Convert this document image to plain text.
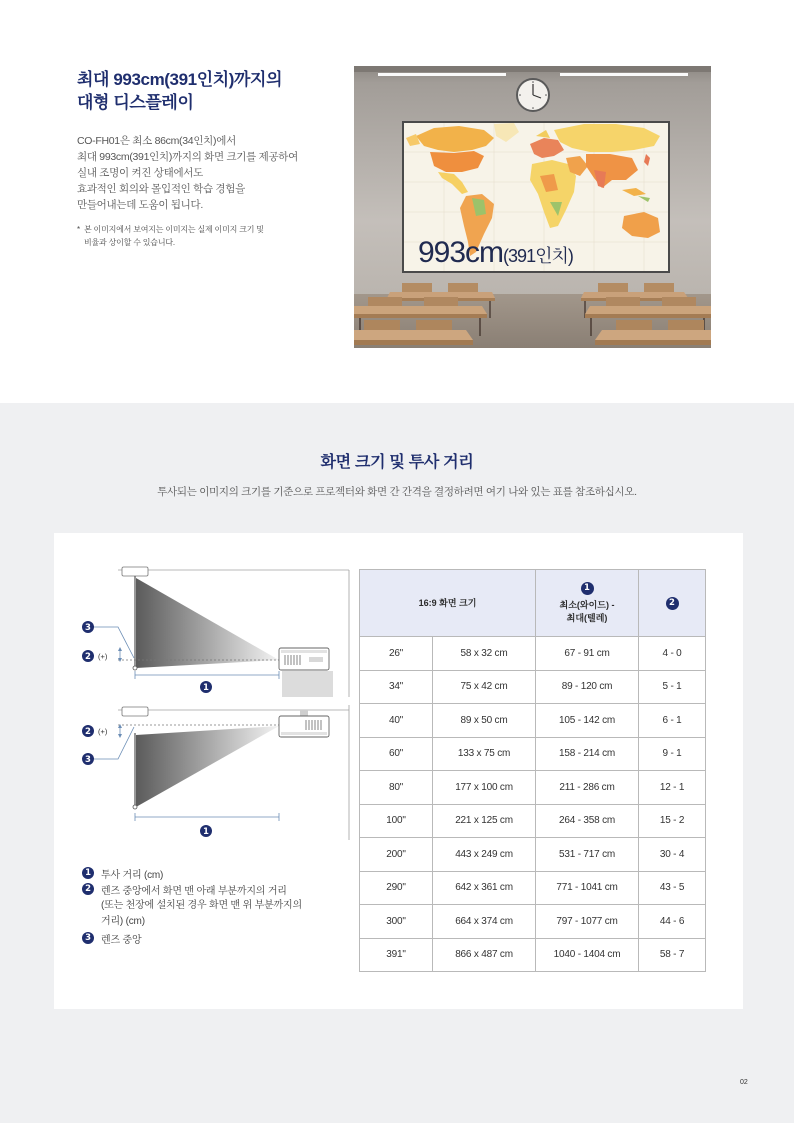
최대 993cm(391인치)까지의
대형 디스플레이
CO-FH01은 최소 86cm(34인치)에서
최대 993cm(391인치)까지의 화면 크기를 제공하여
실내 조명이 켜진 상태에서도
효과적인 회의와 몰입적인 학습 경험을
만들어내는데 도움이 됩니다.
* 본 이미지에서 보여지는 이미지는 실제 이미지 크기 및
비율과 상이할 수 있습니다.	993cm(391인치)
화면 크기 및 투사 거리
투사되는 이미지의 크기를 기준으로 프로젝터와 화면 간 간격을 결정하려면 여기 나와 있는 표를 참조하십시오.
1
3
2 (+)
1
2 (+)
3
1	투사 거리 (cm)
2	렌즈 중앙에서 화면 맨 아래 부분까지의 거리
(또는 천장에 설치된 경우 화면 맨 위 부분까지의
거리) (cm)
3	렌즈 중앙
16:9 화면 크기		1
최소(와이드) -
최대(텔레)	2
26"	58 x 32 cm	67 - 91 cm	4 - 0
34"	75 x 42 cm	89 - 120 cm	5 - 1
40"	89 x 50 cm	105 - 142 cm	6 - 1
60"	133 x 75 cm	158 - 214 cm	9 - 1
80"	177 x 100 cm	211 - 286 cm	12 - 1
100"	221 x 125 cm	264 - 358 cm	15 - 2
200"	443 x 249 cm	531 - 717 cm	30 - 4
290"	642 x 361 cm	771 - 1041 cm	43 - 5
300"	664 x 374 cm	797 - 1077 cm	44 - 6
391"	866 x 487 cm	1040 - 1404 cm	58 - 7
02
